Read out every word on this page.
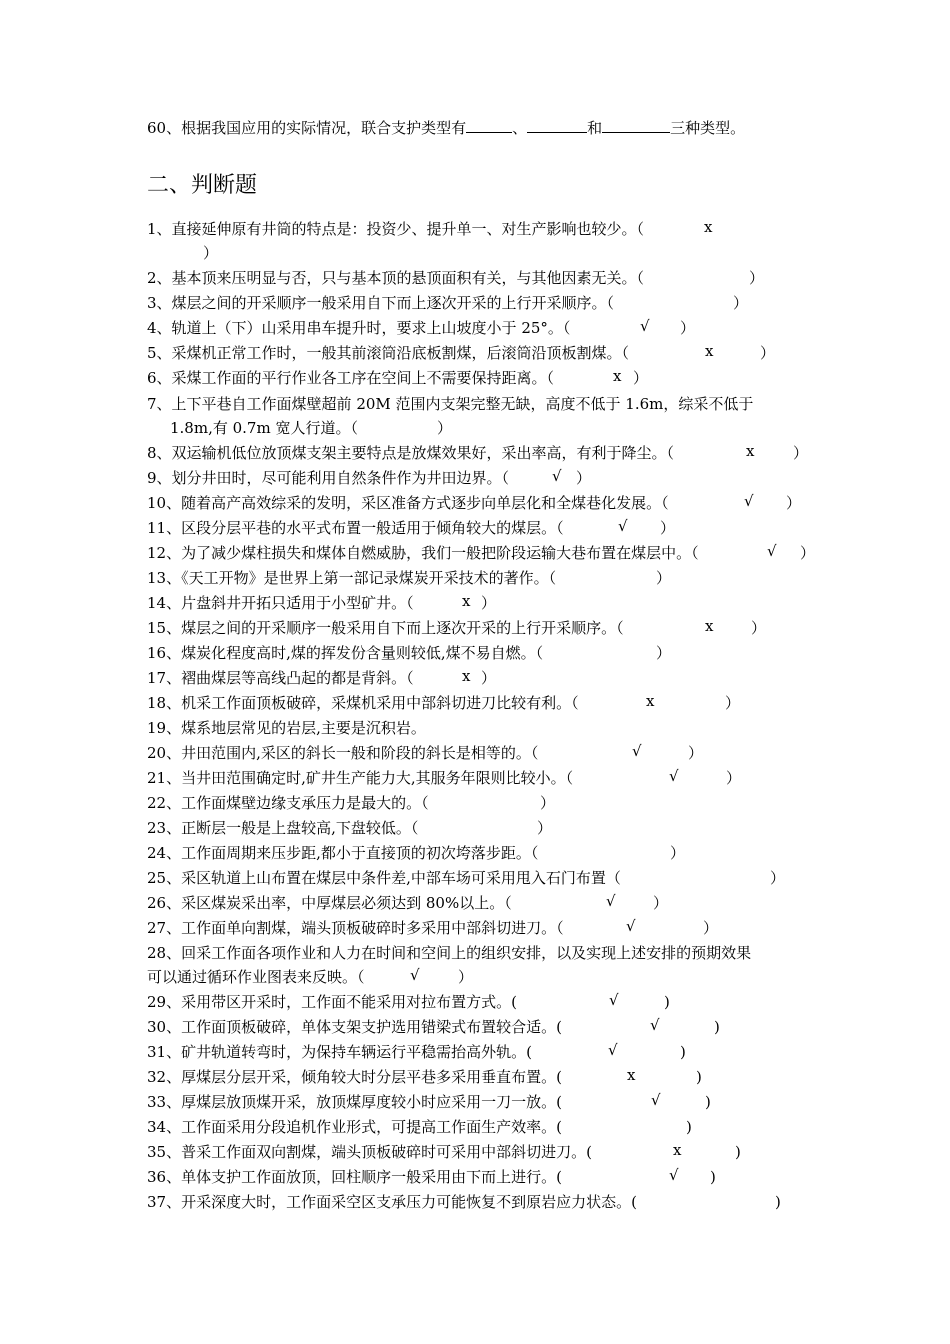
60、根据我国应用的实际情况，联合支护类型有	、	和	三种类型。
二、判断题
1、直接延伸原有井筒的特点是：投资少、提升单一、对生产影响也较少。（	x
）
2、基本顶来压明显与否，只与基本顶的悬顶面积有关，与其他因素无关。（	）
3、煤层之间的开采顺序一般采用自下而上逐次开采的上行开采顺序。（	）
4、轨道上（下）山采用串车提升时，要求上山坡度小于 25°。（	√ ）
5、采煤机正常工作时，一般其前滚筒沿底板割煤，后滚筒沿顶板割煤。（	x	）
6、采煤工作面的平行作业各工序在空间上不需要保持距离。（	x ）
7、上下平巷自工作面煤壁超前 20M 范围内支架完整无缺，高度不低于 1.6m，综采不低于
1.8m,有 0.7m 宽人行道。（	）
8、双运输机低位放顶煤支架主要特点是放煤效果好，采出率高，有利于降尘。（	x	）
9、划分井田时，尽可能利用自然条件作为井田边界。（	√ ）
10、随着高产高效综采的发明，采区准备方式逐步向单层化和全煤巷化发展。（	√ ）
11、区段分层平巷的水平式布置一般适用于倾角较大的煤层。（	√ ）
12、为了减少煤柱损失和煤体自燃威胁，我们一般把阶段运输大巷布置在煤层中。（	√ ）
13、《天工开物》是世界上第一部记录煤炭开采技术的著作。（	）
14、片盘斜井开拓只适用于小型矿井。（	x ）
15、煤层之间的开采顺序一般采用自下而上逐次开采的上行开采顺序。（	x	）
16、煤炭化程度高时,煤的挥发份含量则较低,煤不易自燃。（	）
17、褶曲煤层等高线凸起的都是背斜。（	x ）
18、机采工作面顶板破碎，采煤机采用中部斜切进刀比较有利。（	x	）
19、煤系地层常见的岩层,主要是沉积岩。
20、井田范围内,采区的斜长一般和阶段的斜长是相等的。（	√	）
21、当井田范围确定时,矿井生产能力大,其服务年限则比较小。（	√	）
22、工作面煤壁边缘支承压力是最大的。（	）
23、正断层一般是上盘较高,下盘较低。（	）
24、工作面周期来压步距,都小于直接顶的初次垮落步距。（	）
25、采区轨道上山布置在煤层中条件差,中部车场可采用甩入石门布置（	）
26、采区煤炭采出率，中厚煤层必须达到 80%以上。（	√ ）
27、工作面单向割煤，端头顶板破碎时多采用中部斜切进刀。（	√	）
28、回采工作面各项作业和人力在时间和空间上的组织安排，以及实现上述安排的预期效果
可以通过循环作业图表来反映。（	√	）
29、采用带区开采时，工作面不能采用对拉布置方式。(	√	)
30、工作面顶板破碎，单体支架支护选用错梁式布置较合适。(	√	)
31、矿井轨道转弯时，为保持车辆运行平稳需抬高外轨。(	√	)
32、厚煤层分层开采，倾角较大时分层平巷多采用垂直布置。(	x	)
33、厚煤层放顶煤开采，放顶煤厚度较小时应采用一刀一放。(	√	)
34、工作面采用分段追机作业形式，可提高工作面生产效率。(	)
35、普采工作面双向割煤，端头顶板破碎时可采用中部斜切进刀。(	x	)
36、单体支护工作面放顶，回柱顺序一般采用由下而上进行。(	√ )
37、开采深度大时，工作面采空区支承压力可能恢复不到原岩应力状态。(	)
